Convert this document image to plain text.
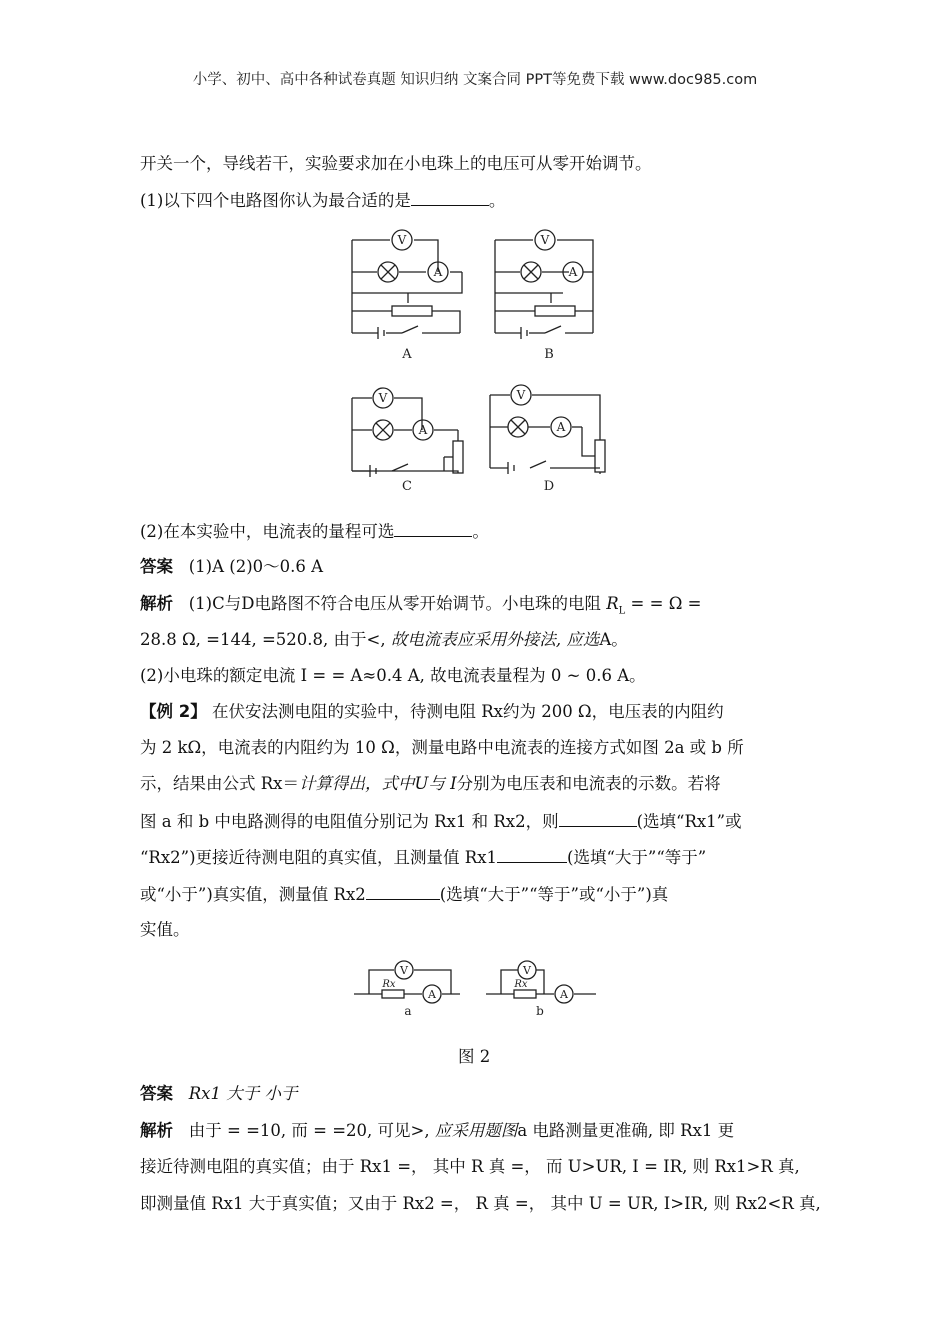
小学、初中、高中各种试卷真题 知识归纳 文案合同 PPT等免费下载 www.doc985.com
开关一个，导线若干，实验要求加在小电珠上的电压可从零开始调节。
(1)以下四个电路图你认为最合适的是	。
V
A
V
A
V
A
V
A
A	B
C	D
(2)在本实验中，电流表的量程可选	。
答案 (1)A (2)0～0.6 A
解析 (1)C与D电路图不符合电压从零开始调节。小电珠的电阻 $R_L$ = = Ω =
28.8 Ω, =144, =520.8, 由于<, 故电流表应采用外接法, 应选A。
(2)小电珠的额定电流 I = = A≈0.4 A, 故电流表量程为 0 ~ 0.6 A。
【例 2】 在伏安法测电阻的实验中，待测电阻 Rx约为 200 Ω，电压表的内阻约
为 2 kΩ，电流表的内阻约为 10 Ω，测量电路中电流表的连接方式如图 2a 或 b 所
示，结果由公式 Rx＝计算得出，式中U与 I分别为电压表和电流表的示数。若将
图 a 和 b 中电路测得的电阻值分别记为 Rx1 和 Rx2，则	(选填“Rx1”或
“Rx2”)更接近待测电阻的真实值，且测量值 Rx1	(选填“大于”“等于”
或“小于”)真实值，测量值 Rx2	(选填“大于”“等于”或“小于”)真
实值。
V
A
V
A
Rx	Rx
a	b
图 2
答案 Rx1 大于 小于
解析 由于 = =10, 而 = =20, 可见>, 应采用题图a 电路测量更准确, 即 Rx1 更
接近待测电阻的真实值；由于 Rx1 =， 其中 R 真 =， 而 U>UR, I = IR, 则 Rx1>R 真,
即测量值 Rx1 大于真实值；又由于 Rx2 =， R 真 =， 其中 U = UR, I>IR, 则 Rx2<R 真,
